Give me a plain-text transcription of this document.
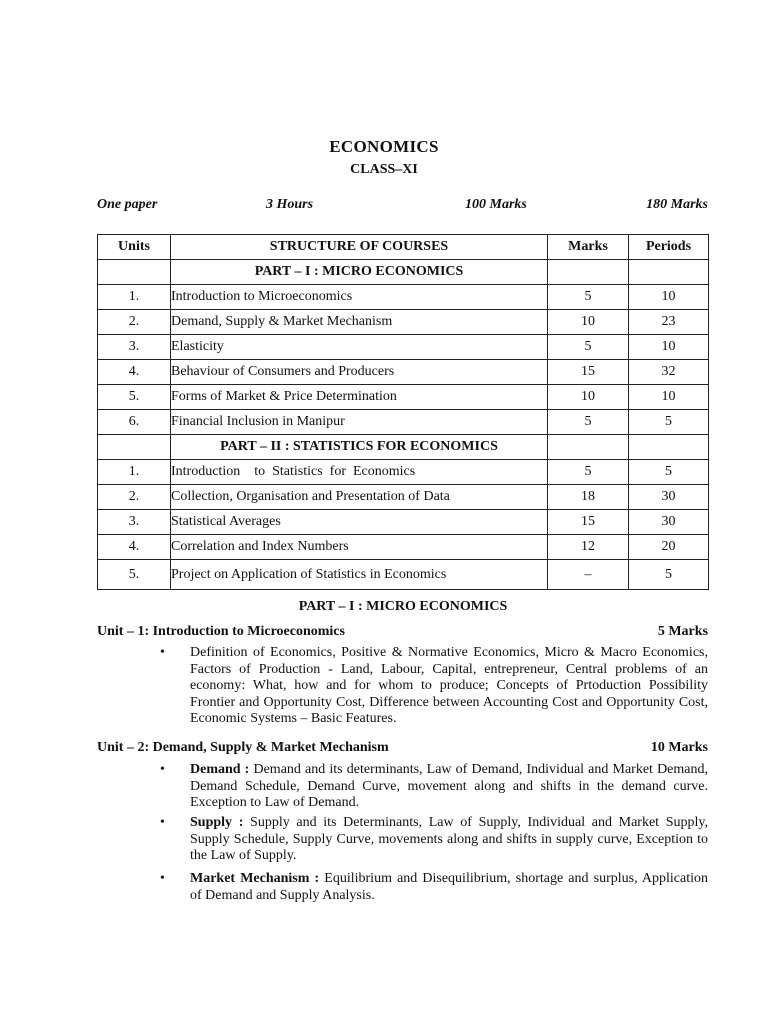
ECONOMICS
CLASS–XI
One paper	3 Hours	100 Marks	180 Marks
Units	STRUCTURE OF COURSES	Marks	Periods
	PART – I : MICRO ECONOMICS		
1.	Introduction to Microeconomics	5	10
2.	Demand, Supply & Market Mechanism	10	23
3.	Elasticity	5	10
4.	Behaviour of Consumers and Producers	15	32
5.	Forms of Market & Price Determination	10	10
6.	Financial Inclusion in Manipur	5	5
	PART – II : STATISTICS FOR ECONOMICS		
1.	Introduction    to  Statistics  for  Economics	5	5
2.	Collection, Organisation and Presentation of Data	18	30
3.	Statistical Averages	15	30
4.	Correlation and Index Numbers	12	20
5.	Project on Application of Statistics in Economics	–	5
PART – I : MICRO ECONOMICS
Unit – 1: Introduction to Microeconomics	5 Marks
• Definition of Economics, Positive & Normative Economics, Micro & Macro Economics, Factors of Production - Land, Labour, Capital, entrepreneur, Central problems of an economy: What, how and for whom to produce; Concepts of Prtoduction Possibility Frontier and Opportunity Cost, Difference between Accounting Cost and Opportunity Cost, Economic Systems – Basic Features.
Unit – 2: Demand, Supply & Market Mechanism	10 Marks
• Demand : Demand and its determinants, Law of Demand, Individual and Market Demand, Demand Schedule, Demand Curve, movement along and shifts in the demand curve. Exception to Law of Demand.
• Supply : Supply and its Determinants, Law of Supply, Individual and Market Supply, Supply Schedule, Supply Curve, movements along and shifts in supply curve, Exception to the Law of Supply.
• Market Mechanism : Equilibrium and Disequilibrium, shortage and surplus, Application of Demand and Supply Analysis.
